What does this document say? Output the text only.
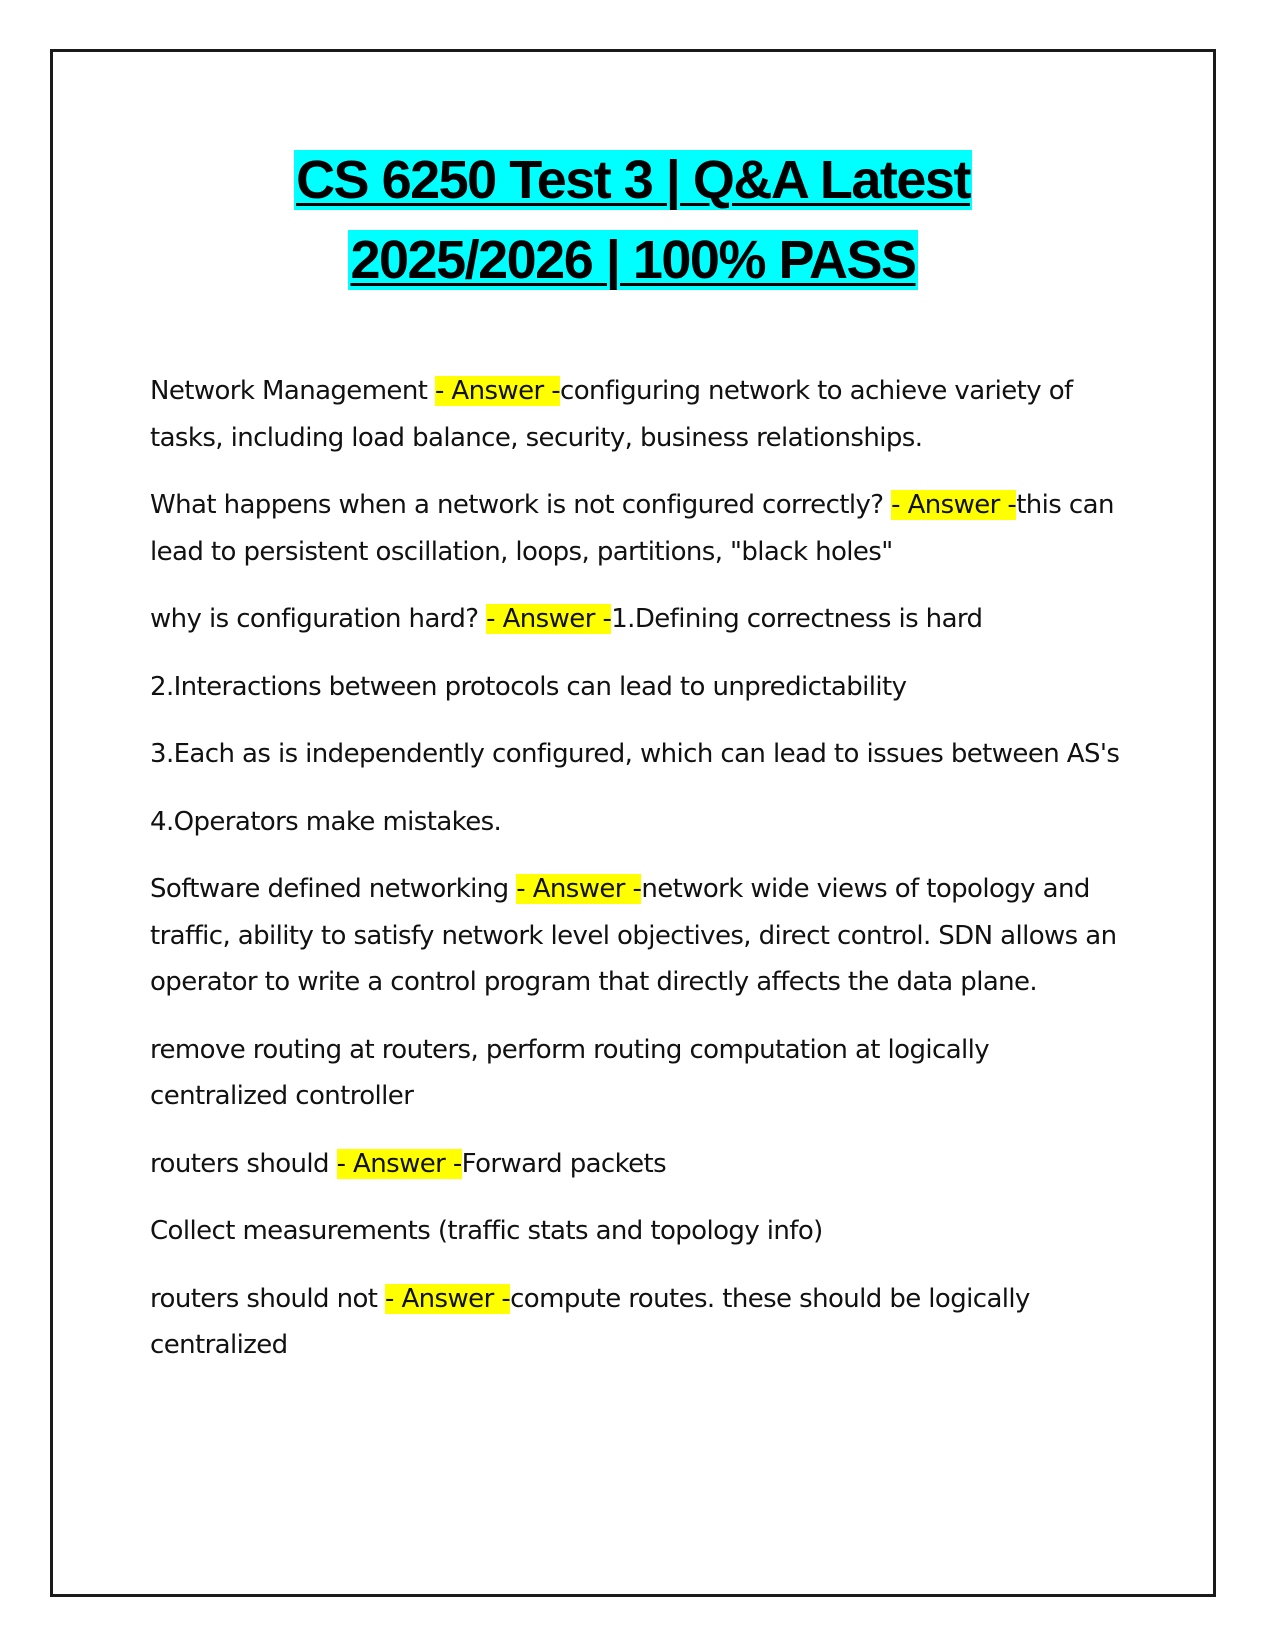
CS 6250 Test 3 | Q&A Latest
2025/2026 | 100% PASS

Network Management - Answer -configuring network to achieve variety of tasks, including load balance, security, business relationships.

What happens when a network is not configured correctly? - Answer -this can lead to persistent oscillation, loops, partitions, "black holes"

why is configuration hard? - Answer -1.Defining correctness is hard

2.Interactions between protocols can lead to unpredictability

3.Each as is independently configured, which can lead to issues between AS's

4.Operators make mistakes.

Software defined networking - Answer -network wide views of topology and traffic, ability to satisfy network level objectives, direct control. SDN allows an operator to write a control program that directly affects the data plane.

remove routing at routers, perform routing computation at logically centralized controller

routers should - Answer -Forward packets

Collect measurements (traffic stats and topology info)

routers should not - Answer -compute routes. these should be logically centralized
